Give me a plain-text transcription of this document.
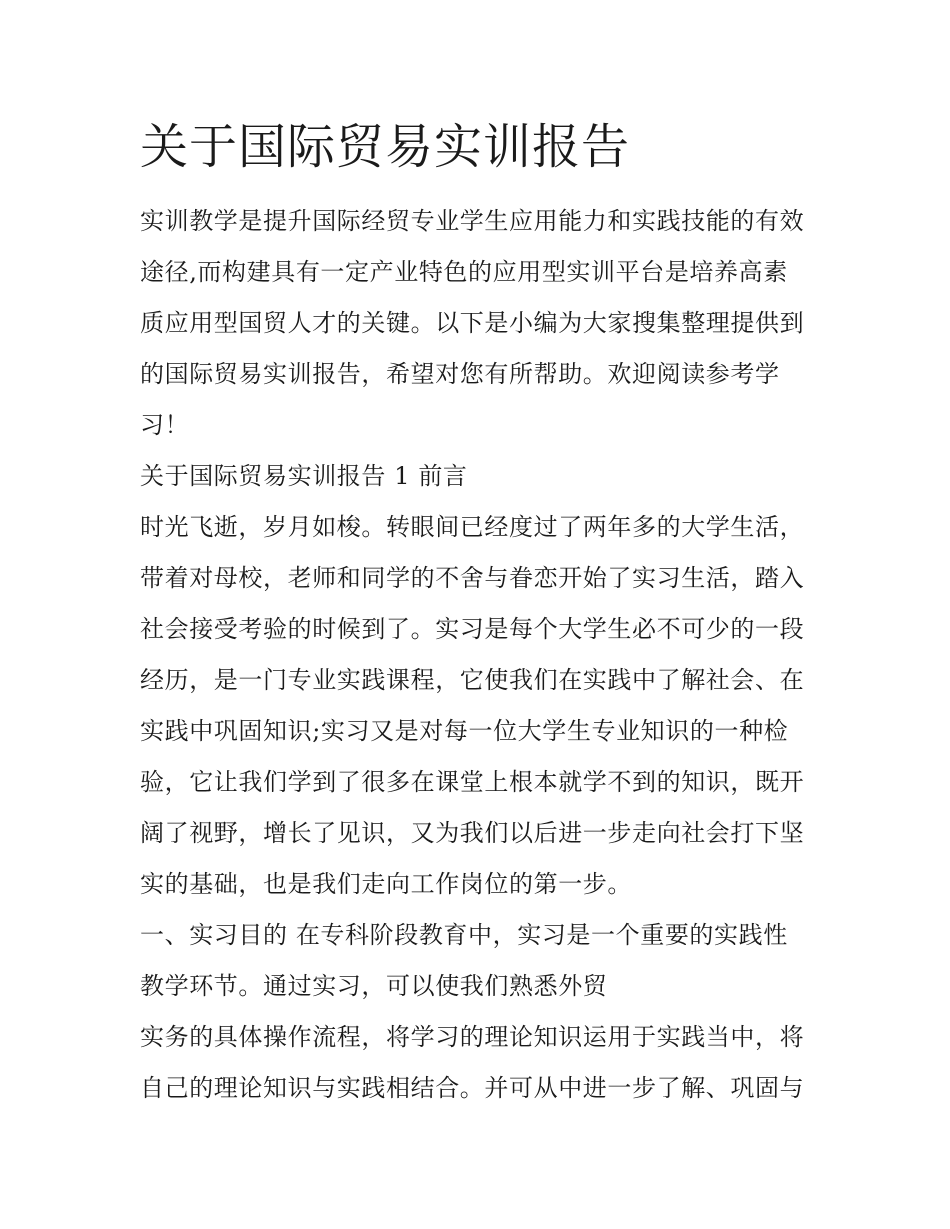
关于国际贸易实训报告
实训教学是提升国际经贸专业学生应用能力和实践技能的有效
途径,而构建具有一定产业特色的应用型实训平台是培养高素
质应用型国贸人才的关键。以下是小编为大家搜集整理提供到
的国际贸易实训报告，希望对您有所帮助。欢迎阅读参考学
习！
关于国际贸易实训报告 1 前言
时光飞逝，岁月如梭。转眼间已经度过了两年多的大学生活，
带着对母校，老师和同学的不舍与眷恋开始了实习生活，踏入
社会接受考验的时候到了。实习是每个大学生必不可少的一段
经历，是一门专业实践课程，它使我们在实践中了解社会、在
实践中巩固知识;实习又是对每一位大学生专业知识的一种检
验，它让我们学到了很多在课堂上根本就学不到的知识，既开
阔了视野，增长了见识，又为我们以后进一步走向社会打下坚
实的基础，也是我们走向工作岗位的第一步。
一、实习目的 在专科阶段教育中，实习是一个重要的实践性
教学环节。通过实习，可以使我们熟悉外贸
实务的具体操作流程，将学习的理论知识运用于实践当中，将
自己的理论知识与实践相结合。并可从中进一步了解、巩固与
